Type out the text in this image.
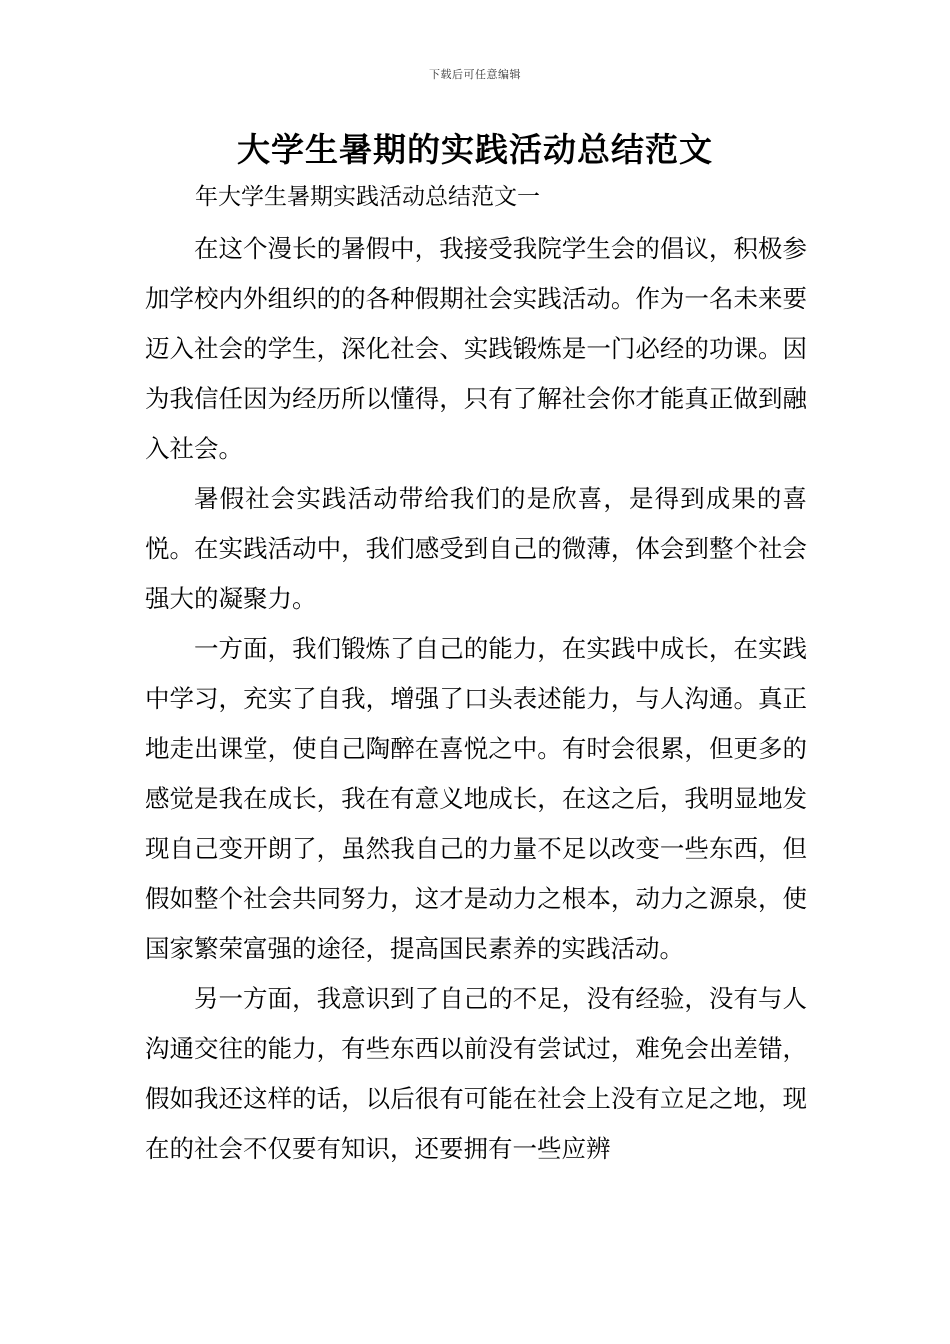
下载后可任意编辑
大学生暑期的实践活动总结范文
年大学生暑期实践活动总结范文一

在这个漫长的暑假中，我接受我院学生会的倡议，积极参加学校内外组织的的各种假期社会实践活动。作为一名未来要迈入社会的学生，深化社会、实践锻炼是一门必经的功课。因为我信任因为经历所以懂得，只有了解社会你才能真正做到融入社会。

暑假社会实践活动带给我们的是欣喜，是得到成果的喜悦。在实践活动中，我们感受到自己的微薄，体会到整个社会强大的凝聚力。

一方面，我们锻炼了自己的能力，在实践中成长，在实践中学习，充实了自我，增强了口头表述能力，与人沟通。真正地走出课堂，使自己陶醉在喜悦之中。有时会很累，但更多的感觉是我在成长，我在有意义地成长，在这之后，我明显地发现自己变开朗了，虽然我自己的力量不足以改变一些东西，但假如整个社会共同努力，这才是动力之根本，动力之源泉，使国家繁荣富强的途径，提高国民素养的实践活动。

另一方面，我意识到了自己的不足，没有经验，没有与人沟通交往的能力，有些东西以前没有尝试过，难免会出差错，假如我还这样的话，以后很有可能在社会上没有立足之地，现在的社会不仅要有知识，还要拥有一些应辨
